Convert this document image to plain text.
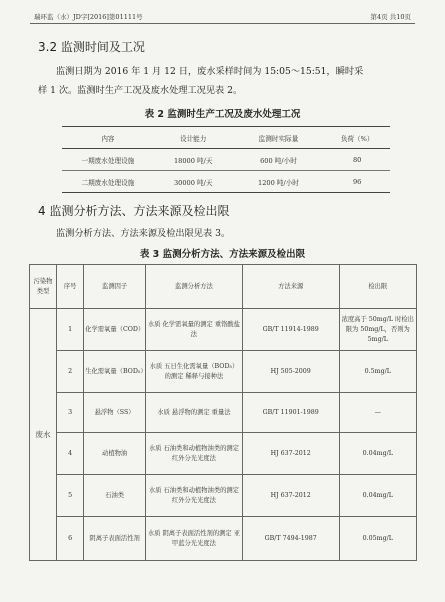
瑞环监（水）JD字[2016]第01111号	第4页 共10页
3.2 监测时间及工况
监测日期为 2016 年 1 月 12 日，废水采样时间为 15:05～15:51，瞬时采
样 1 次。监测时生产工况及废水处理工况见表 2。
表 2 监测时生产工况及废水处理工况
内容	设计能力	监测时实际量	负荷（%）
一期废水处理设施	18000 吨/天	600 吨/小时	80
二期废水处理设施	30000 吨/天	1200 吨/小时	96
4 监测分析方法、方法来源及检出限
监测分析方法、方法来源及检出限见表 3。
表 3 监测分析方法、方法来源及检出限
污染物类型	序号	监测因子	监测分析方法	方法来源	检出限
废水	1	化学需氧量（COD）	水质 化学需氧量的测定 重铬酸盐法	GB/T 11914-1989	浓度高于 50mg/L 时检出限为 50mg/L，否则为 5mg/L
	2	生化需氧量（BOD₅）	水质 五日生化需氧量（BOD₅）的测定 稀释与接种法	HJ 505-2009	0.5mg/L
	3	悬浮物（SS）	水质 悬浮物的测定 重量法	GB/T 11901-1989	—
	4	动植物油	水质 石油类和动植物油类的测定 红外分光光度法	HJ 637-2012	0.04mg/L
	5	石油类	水质 石油类和动植物油类的测定 红外分光光度法	HJ 637-2012	0.04mg/L
	6	阴离子表面活性剂	水质 阴离子表面活性剂的测定 亚甲蓝分光光度法	GB/T 7494-1987	0.05mg/L
